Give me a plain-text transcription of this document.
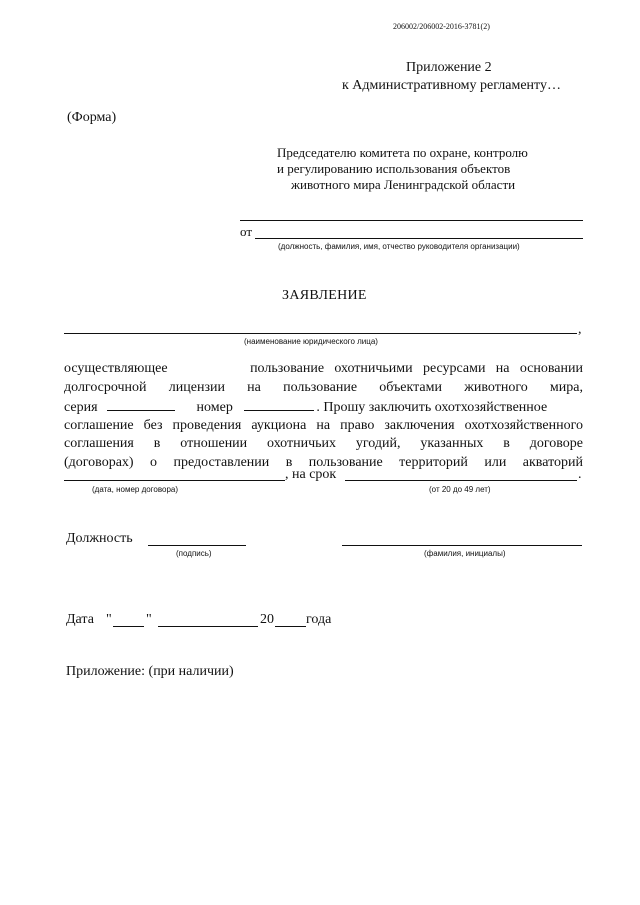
206002/206002-2016-3781(2)
Приложение 2
к Административному регламенту…
(Форма)
Председателю комитета по охране, контролю
и регулированию использования объектов
животного мира Ленинградской области
от
(должность, фамилия, имя, отчество руководителя организации)
ЗАЯВЛЕНИЕ
,
(наименование юридического лица)
осуществляющее	пользование охотничьими ресурсами на основании
долгосрочной лицензии на пользование объектами животного мира,
серия	номер	. Прошу заключить охотхозяйственное
соглашение без проведения аукциона на право заключения охотхозяйственного
соглашения в отношении охотничьих угодий, указанных в договоре
(договорах) о предоставлении в пользование территорий или акваторий
, на срок	.
(дата, номер договора)	(от 20 до 49 лет)
Должность
(подпись)	(фамилия, инициалы)
Дата " "	20 года
Приложение: (при наличии)
